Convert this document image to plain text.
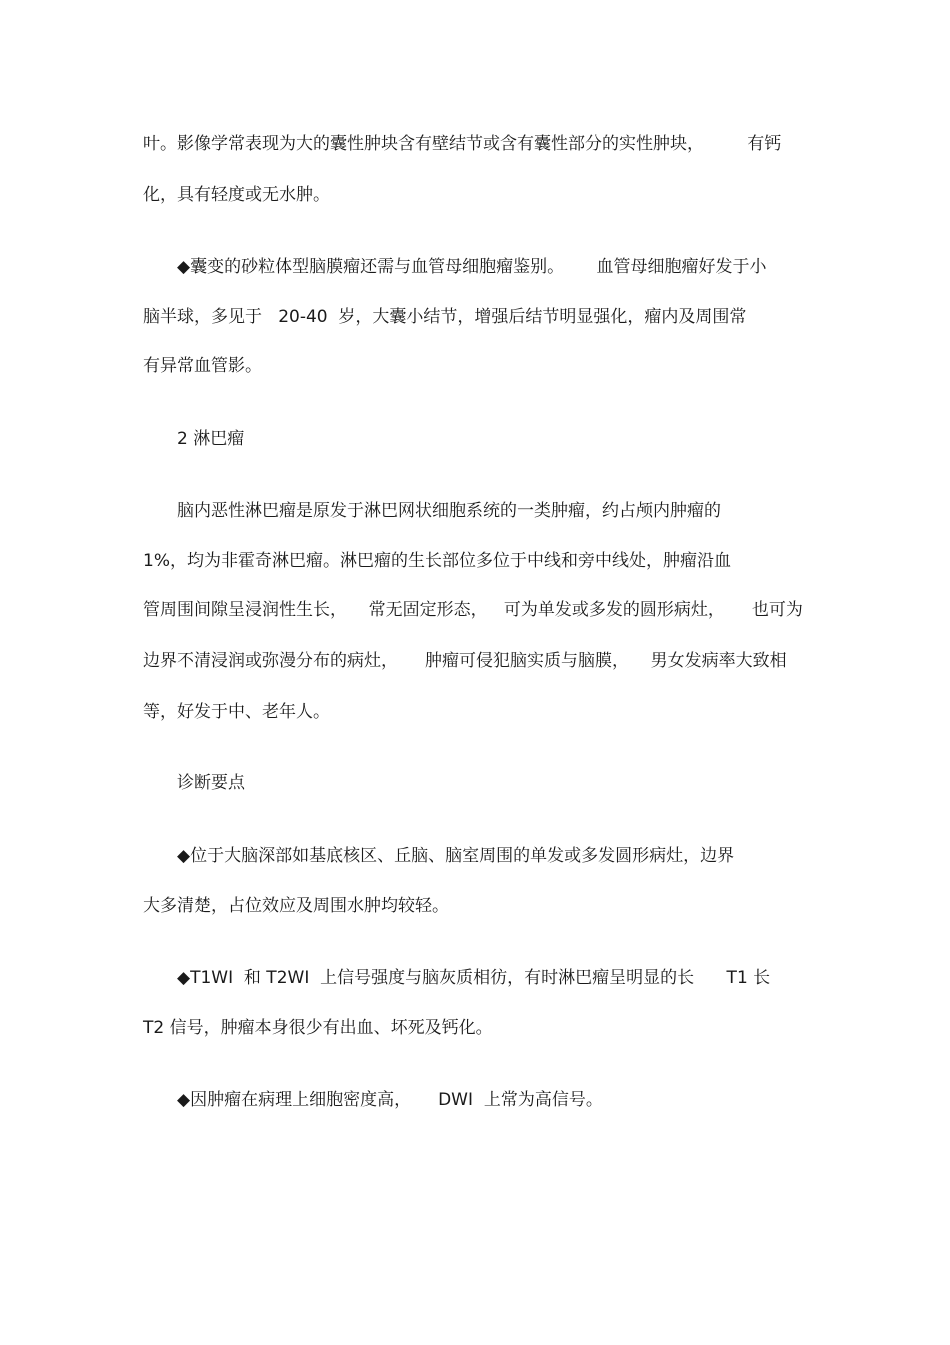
叶。影像学常表现为大的囊性肿块含有壁结节或含有囊性部分的实性肿块，        有钙
化，具有轻度或无水肿。
◆囊变的砂粒体型脑膜瘤还需与血管母细胞瘤鉴别。      血管母细胞瘤好发于小
脑半球，多见于   20-40  岁，大囊小结节，增强后结节明显强化，瘤内及周围常
有异常血管影。
2 淋巴瘤
脑内恶性淋巴瘤是原发于淋巴网状细胞系统的一类肿瘤，约占颅内肿瘤的
1%，均为非霍奇淋巴瘤。淋巴瘤的生长部位多位于中线和旁中线处，肿瘤沿血
管周围间隙呈浸润性生长，    常无固定形态，   可为单发或多发的圆形病灶，     也可为
边界不清浸润或弥漫分布的病灶，     肿瘤可侵犯脑实质与脑膜，    男女发病率大致相
等，好发于中、老年人。
诊断要点
◆位于大脑深部如基底核区、丘脑、脑室周围的单发或多发圆形病灶，边界
大多清楚，占位效应及周围水肿均较轻。
◆T1WI  和 T2WI  上信号强度与脑灰质相彷，有时淋巴瘤呈明显的长      T1 长
T2 信号，肿瘤本身很少有出血、坏死及钙化。
◆因肿瘤在病理上细胞密度高，     DWI  上常为高信号。
